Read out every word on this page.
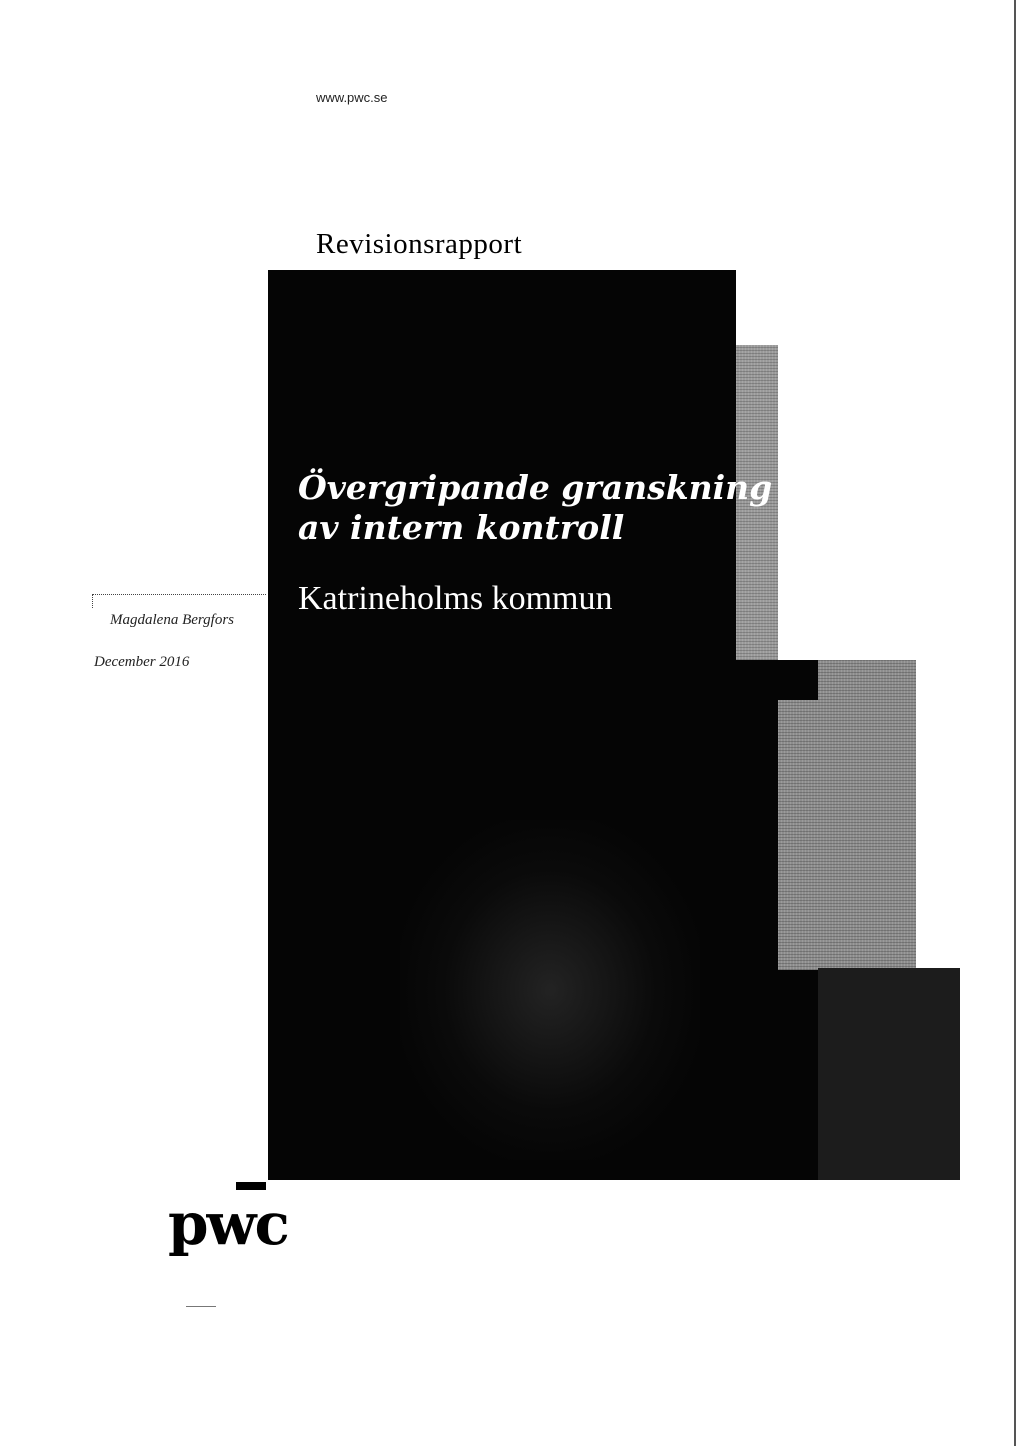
www.pwc.se
Revisionsrapport
Övergripande granskning
av intern kontroll
Katrineholms kommun
Magdalena Bergfors
December 2016
pwc
